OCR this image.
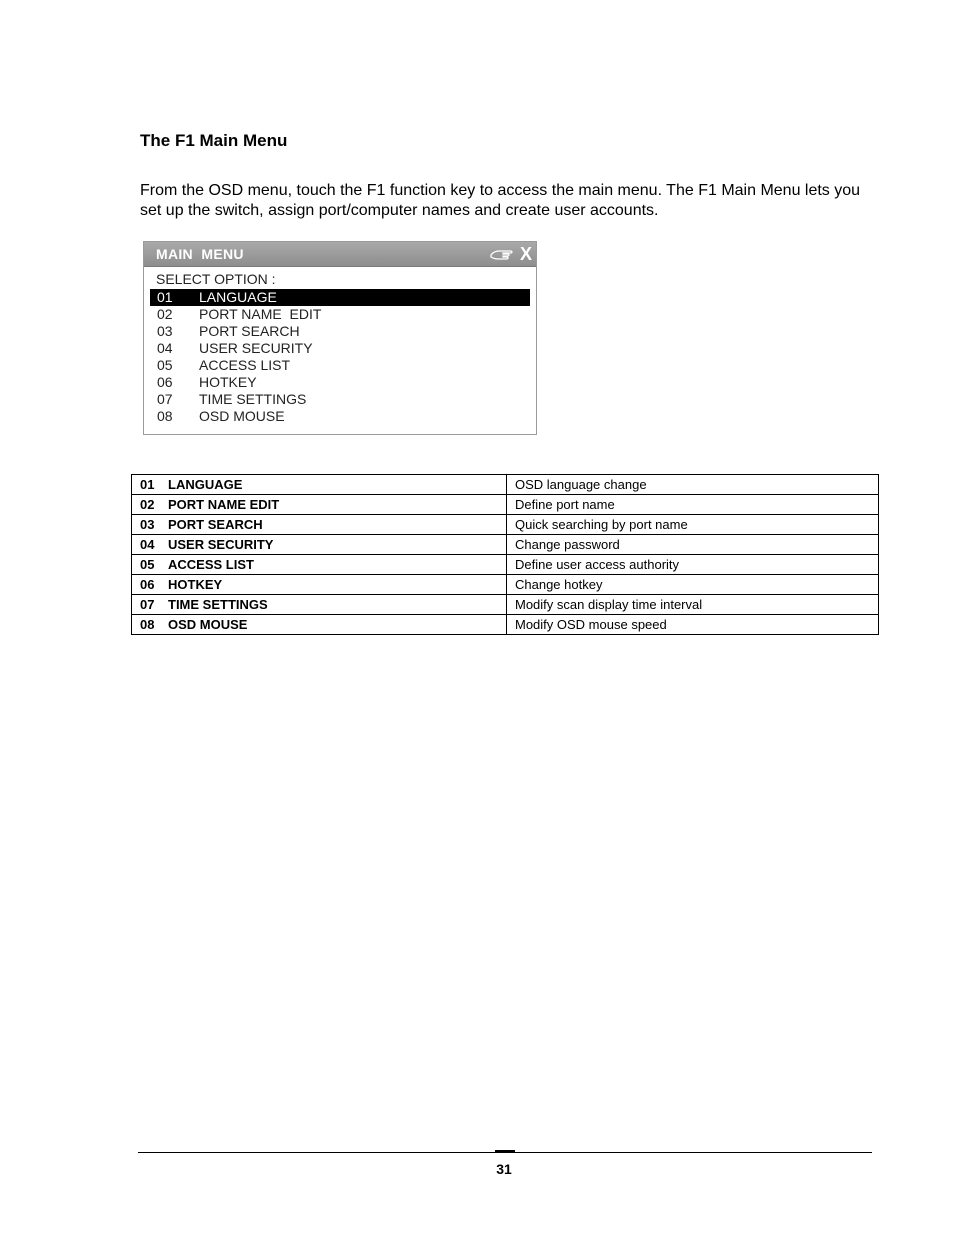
The F1 Main Menu

From the OSD menu, touch the F1 function key to access the main menu. The F1 Main Menu lets you set up the switch, assign port/computer names and create user accounts.

MAIN  MENU	X
SELECT OPTION :
01 LANGUAGE
02 PORT NAME  EDIT
03 PORT SEARCH
04 USER SECURITY
05 ACCESS LIST
06 HOTKEY
07 TIME SETTINGS
08 OSD MOUSE
01 LANGUAGE	OSD language change
02 PORT NAME EDIT	Define port name
03 PORT SEARCH	Quick searching by port name
04 USER SECURITY	Change password
05 ACCESS LIST	Define user access authority
06 HOTKEY	Change hotkey
07 TIME SETTINGS	Modify scan display time interval
08 OSD MOUSE	Modify OSD mouse speed
31
